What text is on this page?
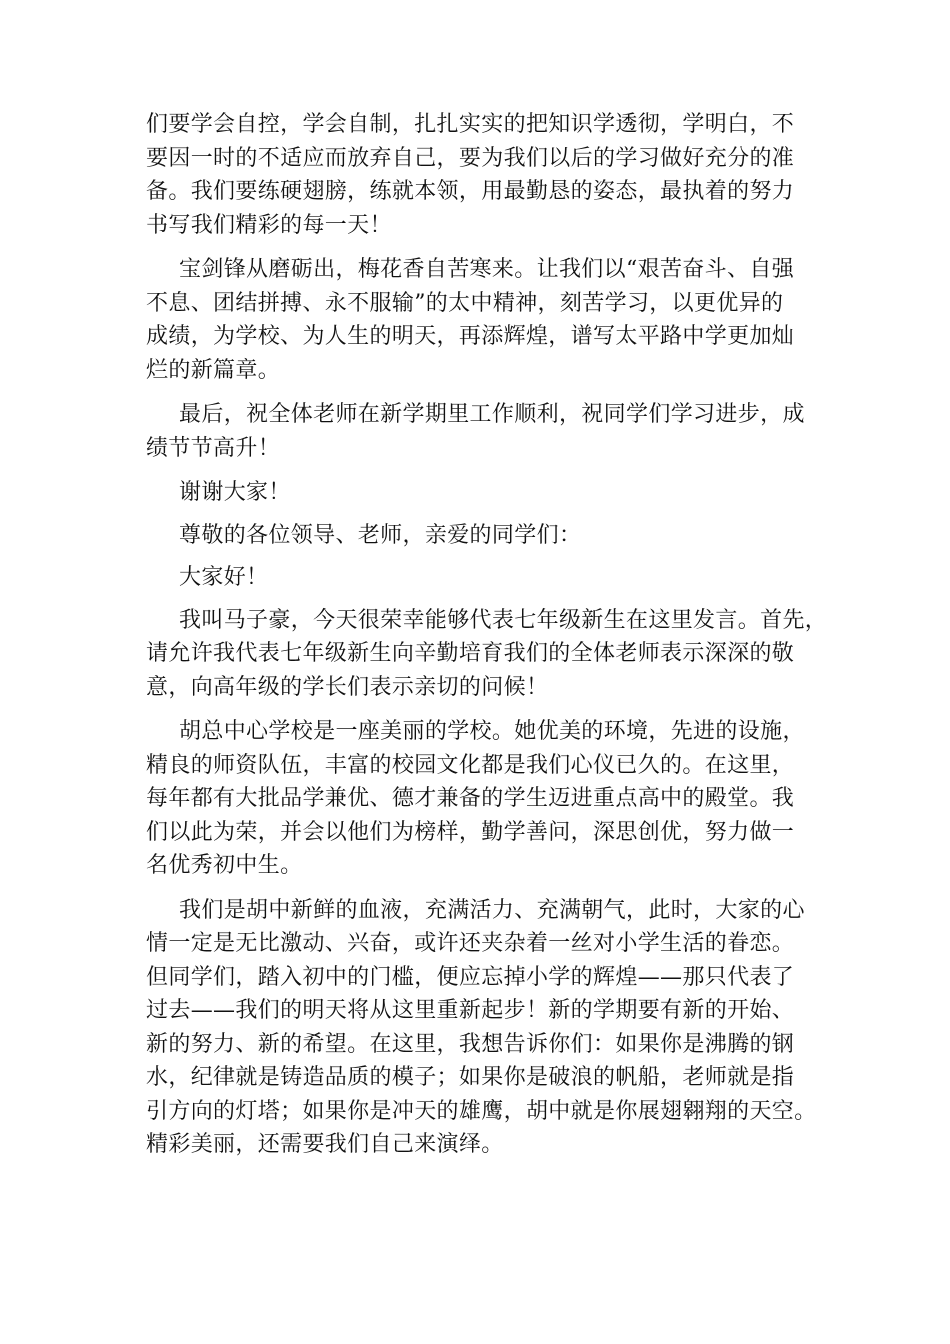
们要学会自控，学会自制，扎扎实实的把知识学透彻，学明白，不
要因一时的不适应而放弃自己，要为我们以后的学习做好充分的准
备。我们要练硬翅膀，练就本领，用最勤恳的姿态，最执着的努力
书写我们精彩的每一天！

宝剑锋从磨砺出，梅花香自苦寒来。让我们以“艰苦奋斗、自强
不息、团结拼搏、永不服输”的太中精神，刻苦学习，以更优异的
成绩，为学校、为人生的明天，再添辉煌，谱写太平路中学更加灿
烂的新篇章。

最后，祝全体老师在新学期里工作顺利，祝同学们学习进步，成
绩节节高升！

谢谢大家！

尊敬的各位领导、老师，亲爱的同学们：

大家好！

我叫马子豪，今天很荣幸能够代表七年级新生在这里发言。首先，
请允许我代表七年级新生向辛勤培育我们的全体老师表示深深的敬
意，向高年级的学长们表示亲切的问候！

胡总中心学校是一座美丽的学校。她优美的环境，先进的设施，
精良的师资队伍，丰富的校园文化都是我们心仪已久的。在这里，
每年都有大批品学兼优、德才兼备的学生迈进重点高中的殿堂。我
们以此为荣，并会以他们为榜样，勤学善问，深思创优，努力做一
名优秀初中生。

我们是胡中新鲜的血液，充满活力、充满朝气，此时，大家的心
情一定是无比激动、兴奋，或许还夹杂着一丝对小学生活的眷恋。
但同学们，踏入初中的门槛，便应忘掉小学的辉煌——那只代表了
过去——我们的明天将从这里重新起步！新的学期要有新的开始、
新的努力、新的希望。在这里，我想告诉你们：如果你是沸腾的钢
水，纪律就是铸造品质的模子；如果你是破浪的帆船，老师就是指
引方向的灯塔；如果你是冲天的雄鹰，胡中就是你展翅翱翔的天空。
精彩美丽，还需要我们自己来演绎。
